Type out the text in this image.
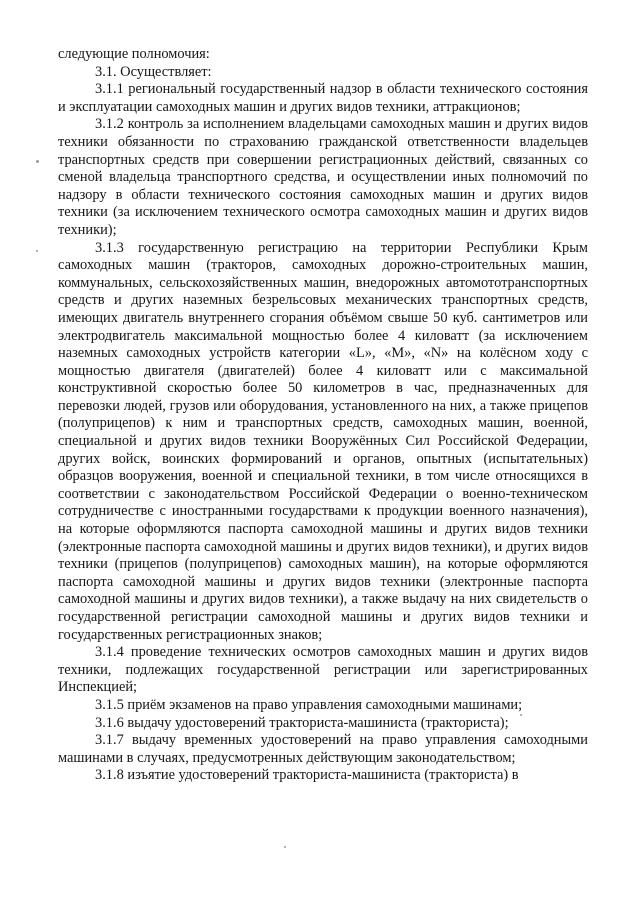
следующие полномочия:

3.1. Осуществляет:

3.1.1 региональный государственный надзор в области технического состояния и эксплуатации самоходных машин и других видов техники, аттракционов;

3.1.2 контроль за исполнением владельцами самоходных машин и других видов техники обязанности по страхованию гражданской ответственности владельцев транспортных средств при совершении регистрационных действий, связанных со сменой владельца транспортного средства, и осуществлении иных полномочий по надзору в области технического состояния самоходных машин и других видов техники (за исключением технического осмотра самоходных машин и других видов техники);

3.1.3 государственную регистрацию на территории Республики Крым самоходных машин (тракторов, самоходных дорожно-строительных машин, коммунальных, сельскохозяйственных машин, внедорожных автомототранспортных средств и других наземных безрельсовых механических транспортных средств, имеющих двигатель внутреннего сгорания объёмом свыше 50 куб. сантиметров или электродвигатель максимальной мощностью более 4 киловатт (за исключением наземных самоходных устройств категории «L», «M», «N» на колёсном ходу с мощностью двигателя (двигателей) более 4 киловатт или с максимальной конструктивной скоростью более 50 километров в час, предназначенных для перевозки людей, грузов или оборудования, установленного на них, а также прицепов (полуприцепов) к ним и транспортных средств, самоходных машин, военной, специальной и других видов техники Вооружённых Сил Российской Федерации, других войск, воинских формирований и органов, опытных (испытательных) образцов вооружения, военной и специальной техники, в том числе относящихся в соответствии с законодательством Российской Федерации о военно-техническом сотрудничестве с иностранными государствами к продукции военного назначения), на которые оформляются паспорта самоходной машины и других видов техники (электронные паспорта самоходной машины и других видов техники), и других видов техники (прицепов (полуприцепов) самоходных машин), на которые оформляются паспорта самоходной машины и других видов техники (электронные паспорта самоходной машины и других видов техники), а также выдачу на них свидетельств о государственной регистрации самоходной машины и других видов техники и государственных регистрационных знаков;

3.1.4 проведение технических осмотров самоходных машин и других видов техники, подлежащих государственной регистрации или зарегистрированных Инспекцией;

3.1.5 приём экзаменов на право управления самоходными машинами;

3.1.6 выдачу удостоверений тракториста-машиниста (тракториста);

3.1.7 выдачу временных удостоверений на право управления самоходными машинами в случаях, предусмотренных действующим законодательством;

3.1.8 изъятие удостоверений тракториста-машиниста (тракториста) в
